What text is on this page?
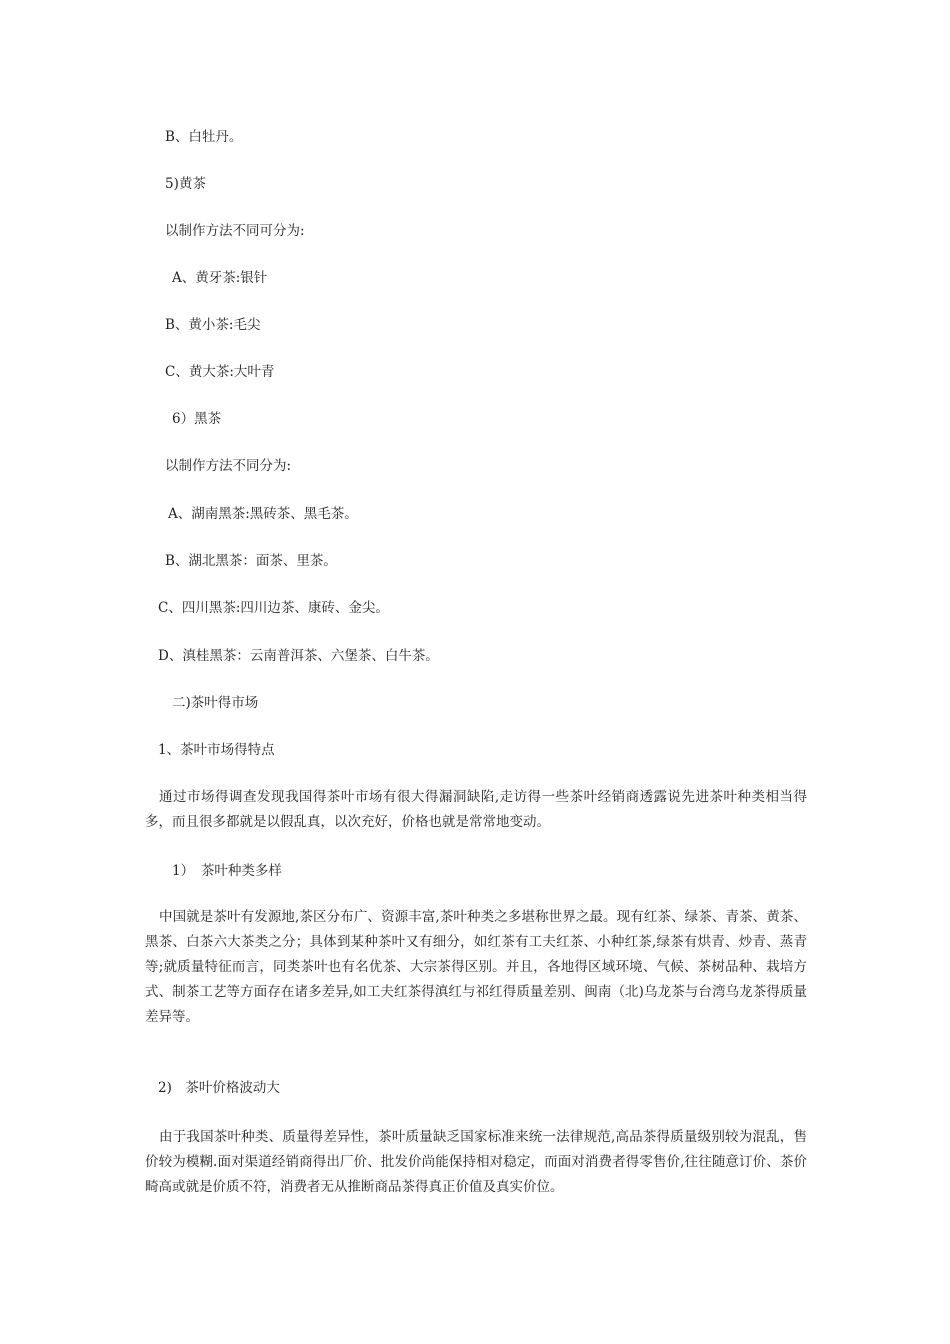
B、白牡丹。
5)黄茶
以制作方法不同可分为:
A、黄牙茶:银针
B、黄小茶:毛尖
C、黄大茶:大叶青
6）黑茶
以制作方法不同分为:
A、湖南黑茶:黑砖茶、黑毛茶。
B、湖北黑茶：面茶、里茶。
C、四川黑茶:四川边茶、康砖、金尖。
D、滇桂黑茶：云南普洱茶、六堡茶、白牛茶。
二)茶叶得市场
1、茶叶市场得特点
通过市场得调查发现我国得茶叶市场有很大得漏洞缺陷,走访得一些茶叶经销商透露说先进茶叶种类相当得多，而且很多都就是以假乱真，以次充好，价格也就是常常地变动。
1）　茶叶种类多样
中国就是茶叶有发源地,茶区分布广、资源丰富,茶叶种类之多堪称世界之最。现有红茶、绿茶、青茶、黄茶、黑茶、白茶六大茶类之分；具体到某种茶叶又有细分，如红茶有工夫红茶、小种红茶,绿茶有烘青、炒青、蒸青等;就质量特征而言，同类茶叶也有名优茶、大宗茶得区别。并且，各地得区域环境、气候、茶树品种、栽培方式、制茶工艺等方面存在诸多差异,如工夫红茶得滇红与祁红得质量差别、闽南（北)乌龙茶与台湾乌龙茶得质量差异等。
2)　茶叶价格波动大
由于我国茶叶种类、质量得差异性，茶叶质量缺乏国家标准来统一法律规范,高品茶得质量级别较为混乱，售价较为模糊.面对渠道经销商得出厂价、批发价尚能保持相对稳定，而面对消费者得零售价,往往随意订价、茶价畸高或就是价质不符，消费者无从推断商品茶得真正价值及真实价位。
